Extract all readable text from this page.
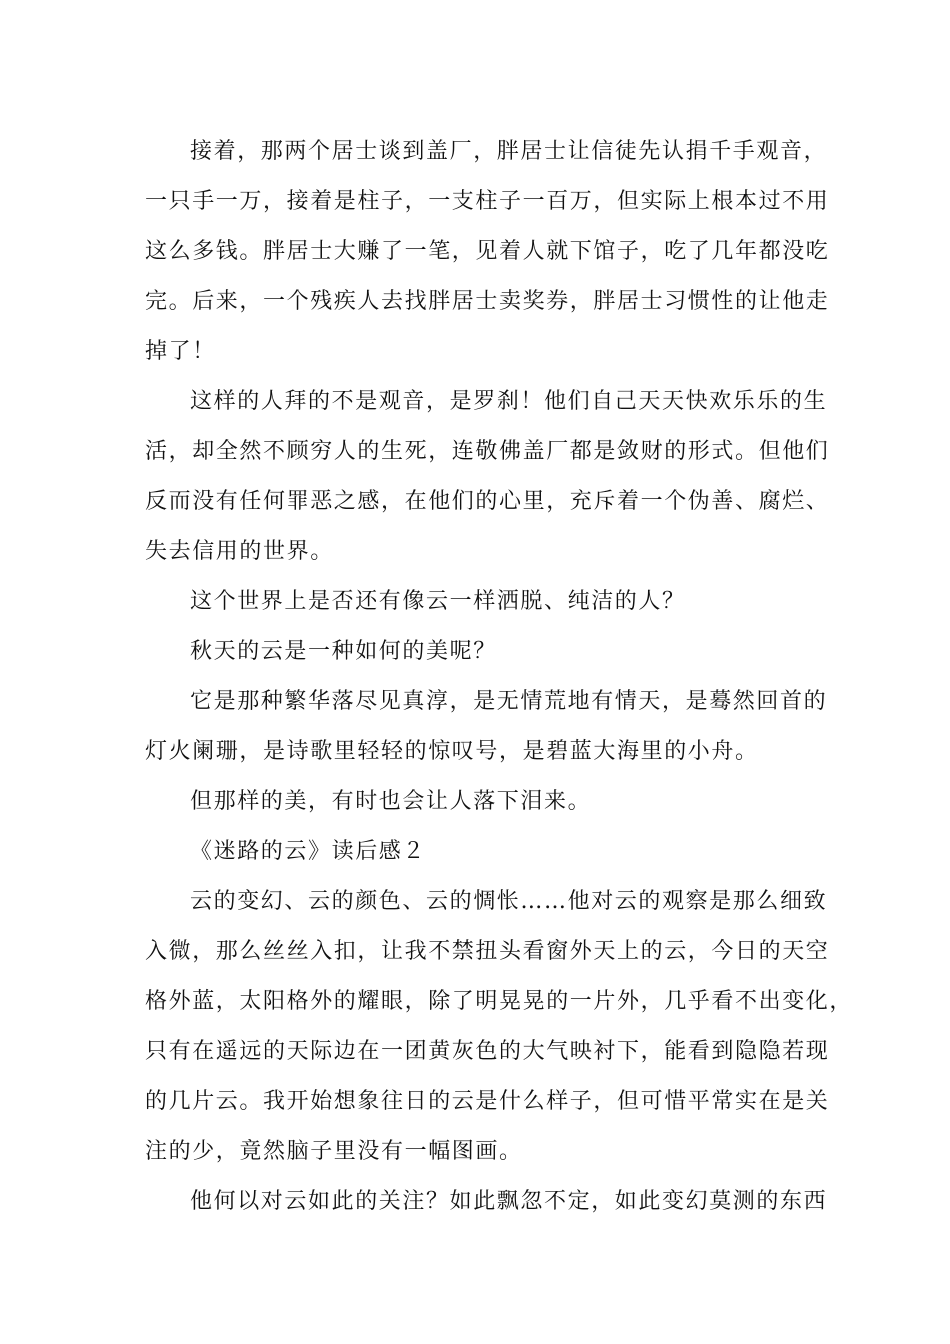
接着，那两个居士谈到盖厂，胖居士让信徒先认捐千手观音，
一只手一万，接着是柱子，一支柱子一百万，但实际上根本过不用
这么多钱。胖居士大赚了一笔，见着人就下馆子，吃了几年都没吃
完。后来，一个残疾人去找胖居士卖奖券，胖居士习惯性的让他走
掉了！
这样的人拜的不是观音，是罗刹！他们自己天天快欢乐乐的生
活，却全然不顾穷人的生死，连敬佛盖厂都是敛财的形式。但他们
反而没有任何罪恶之感，在他们的心里，充斥着一个伪善、腐烂、
失去信用的世界。
这个世界上是否还有像云一样洒脱、纯洁的人？
秋天的云是一种如何的美呢？
它是那种繁华落尽见真淳，是无情荒地有情天，是蓦然回首的
灯火阑珊，是诗歌里轻轻的惊叹号，是碧蓝大海里的小舟。
但那样的美，有时也会让人落下泪来。
《迷路的云》读后感２
云的变幻、云的颜色、云的惆怅……他对云的观察是那么细致
入微，那么丝丝入扣，让我不禁扭头看窗外天上的云，今日的天空
格外蓝，太阳格外的耀眼，除了明晃晃的一片外，几乎看不出变化，
只有在遥远的天际边在一团黄灰色的大气映衬下，能看到隐隐若现
的几片云。我开始想象往日的云是什么样子，但可惜平常实在是关
注的少，竟然脑子里没有一幅图画。
他何以对云如此的关注？如此飘忽不定，如此变幻莫测的东西
